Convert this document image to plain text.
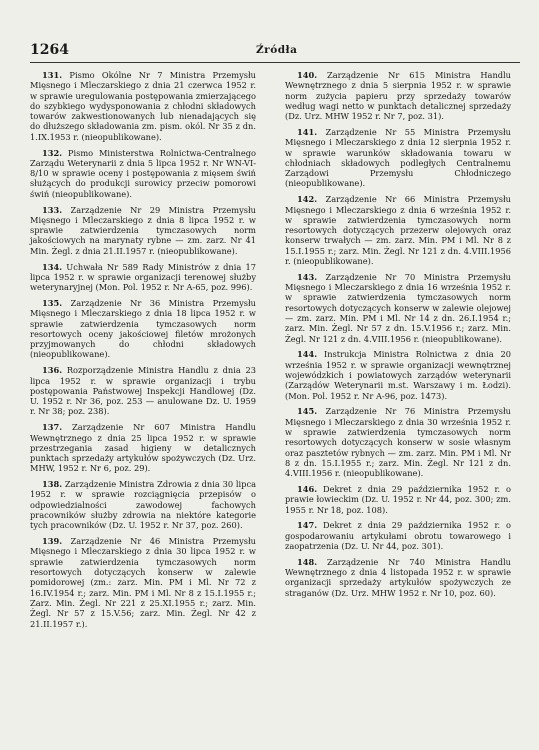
1264	Źródła

131. Pismo Okólne Nr 7 Ministra Przemysłu Mięsnego i Mleczarskiego z dnia 21 czerwca 1952 r. w sprawie uregulowania postępowania zmierzającego do szybkiego wydysponowania z chłodni składowych towarów zakwestionowanych lub nienadających się do dłuższego składowania zm. pism. okól. Nr 35 z dn. 1.IX.1953 r. (nieopublikowane).

132. Pismo Ministerstwa Rolnictwa-Centralnego Zarządu Weterynarii z dnia 5 lipca 1952 r. Nr WN-VI-8/10 w sprawie oceny i postępowania z mięsem świń służących do produkcji surowicy przeciw pomorowi świń (nieopublikowane).

133. Zarządzenie Nr 29 Ministra Przemysłu Mięsnego i Mleczarskiego z dnia 8 lipca 1952 r. w sprawie zatwierdzenia tymczasowych norm jakościowych na marynaty rybne — zm. zarz. Nr 41 Min. Żegl. z dnia 21.II.1957 r. (nieopublikowane).

134. Uchwała Nr 589 Rady Ministrów z dnia 17 lipca 1952 r. w sprawie organizacji terenowej służby weterynaryjnej (Mon. Pol. 1952 r. Nr A-65, poz. 996).

135. Zarządzenie Nr 36 Ministra Przemysłu Mięsnego i Mleczarskiego z dnia 18 lipca 1952 r. w sprawie zatwierdzenia tymczasowych norm resortowych oceny jakościowej filetów mrożonych przyjmowanych do chłodni składowych (nieopublikowane).

136. Rozporządzenie Ministra Handlu z dnia 23 lipca 1952 r. w sprawie organizacji i trybu postępowania Państwowej Inspekcji Handlowej (Dz. U. 1952 r. Nr 36, poz. 253 — anulowane Dz. U. 1959 r. Nr 38; poz. 238).

137. Zarządzenie Nr 607 Ministra Handlu Wewnętrznego z dnia 25 lipca 1952 r. w sprawie przestrzegania zasad higieny w detalicznych punktach sprzedaży artykułów spożywczych (Dz. Urz. MHW, 1952 r. Nr 6, poz. 29).

138. Zarządzenie Ministra Zdrowia z dnia 30 lipca 1952 r. w sprawie rozciągnięcia przepisów o odpowiedzialności zawodowej fachowych pracowników służby zdrowia na niektóre kategorie tych pracowników (Dz. U. 1952 r. Nr 37, poz. 260).

139. Zarządzenie Nr 46 Ministra Przemysłu Mięsnego i Mleczarskiego z dnia 30 lipca 1952 r. w sprawie zatwierdzenia tymczasowych norm resortowych dotyczących konserw w zalewie pomidorowej (zm.: zarz. Min. PM i Ml. Nr 72 z 16.IV.1954 r.; zarz. Min. PM i Ml. Nr 8 z 15.I.1955 r.; Zarz. Min. Żegl. Nr 221 z 25.XI.1955 r.; zarz. Min. Żegl. Nr 57 z 15.V.56; zarz. Min. Żegl. Nr 42 z 21.II.1957 r.).

140. Zarządzenie Nr 615 Ministra Handlu Wewnętrznego z dnia 5 sierpnia 1952 r. w sprawie norm zużycia papieru przy sprzedaży towarów według wagi netto w punktach detalicznej sprzedaży (Dz. Urz. MHW 1952 r. Nr 7, poz. 31).

141. Zarządzenie Nr 55 Ministra Przemysłu Mięsnego i Mleczarskiego z dnia 12 sierpnia 1952 r. w sprawie warunków składowania towaru w chłodniach składowych podległych Centralnemu Zarządowi Przemysłu Chłodniczego (nieopublikowane).

142. Zarządzenie Nr 66 Ministra Przemysłu Mięsnego i Mleczarskiego z dnia 6 września 1952 r. w sprawie zatwierdzenia tymczasowych norm resortowych dotyczących przezerw olejowych oraz konserw trwałych — zm. zarz. Min. PM i Ml. Nr 8 z 15.I.1955 r.; zarz. Min. Żegl. Nr 121 z dn. 4.VIII.1956 r. (nieopublikowane).

143. Zarządzenie Nr 70 Ministra Przemysłu Mięsnego i Mleczarskiego z dnia 16 września 1952 r. w sprawie zatwierdzenia tymczasowych norm resortowych dotyczących konserw w zalewie olejowej — zm. zarz. Min. PM i Ml. Nr 14 z dn. 26.I.1954 r.; zarz. Min. Żegl. Nr 57 z dn. 15.V.1956 r.; zarz. Min. Żegl. Nr 121 z dn. 4.VIII.1956 r. (nieopublikowane).

144. Instrukcja Ministra Rolnictwa z dnia 20 września 1952 r. w sprawie organizacji wewnętrznej wojewódzkich i powiatowych zarządów weterynarii (Zarządów Weterynarii m.st. Warszawy i m. Łodzi). (Mon. Pol. 1952 r. Nr A-96, poz. 1473).

145. Zarządzenie Nr 76 Ministra Przemysłu Mięsnego i Mleczarskiego z dnia 30 września 1952 r. w sprawie zatwierdzenia tymczasowych norm resortowych dotyczących konserw w sosie własnym oraz pasztetów rybnych — zm. zarz. Min. PM i Ml. Nr 8 z dn. 15.I.1955 r.; zarz. Min. Żegl. Nr 121 z dn. 4.VIII.1956 r. (nieopublikowane).

146. Dekret z dnia 29 października 1952 r. o prawie łowieckim (Dz. U. 1952 r. Nr 44, poz. 300; zm. 1955 r. Nr 18, poz. 108).

147. Dekret z dnia 29 października 1952 r. o gospodarowaniu artykułami obrotu towarowego i zaopatrzenia (Dz. U. Nr 44, poz. 301).

148. Zarządzenie Nr 740 Ministra Handlu Wewnętrznego z dnia 4 listopada 1952 r. w sprawie organizacji sprzedaży artykułów spożywczych ze straganów (Dz. Urz. MHW 1952 r. Nr 10, poz. 60).
